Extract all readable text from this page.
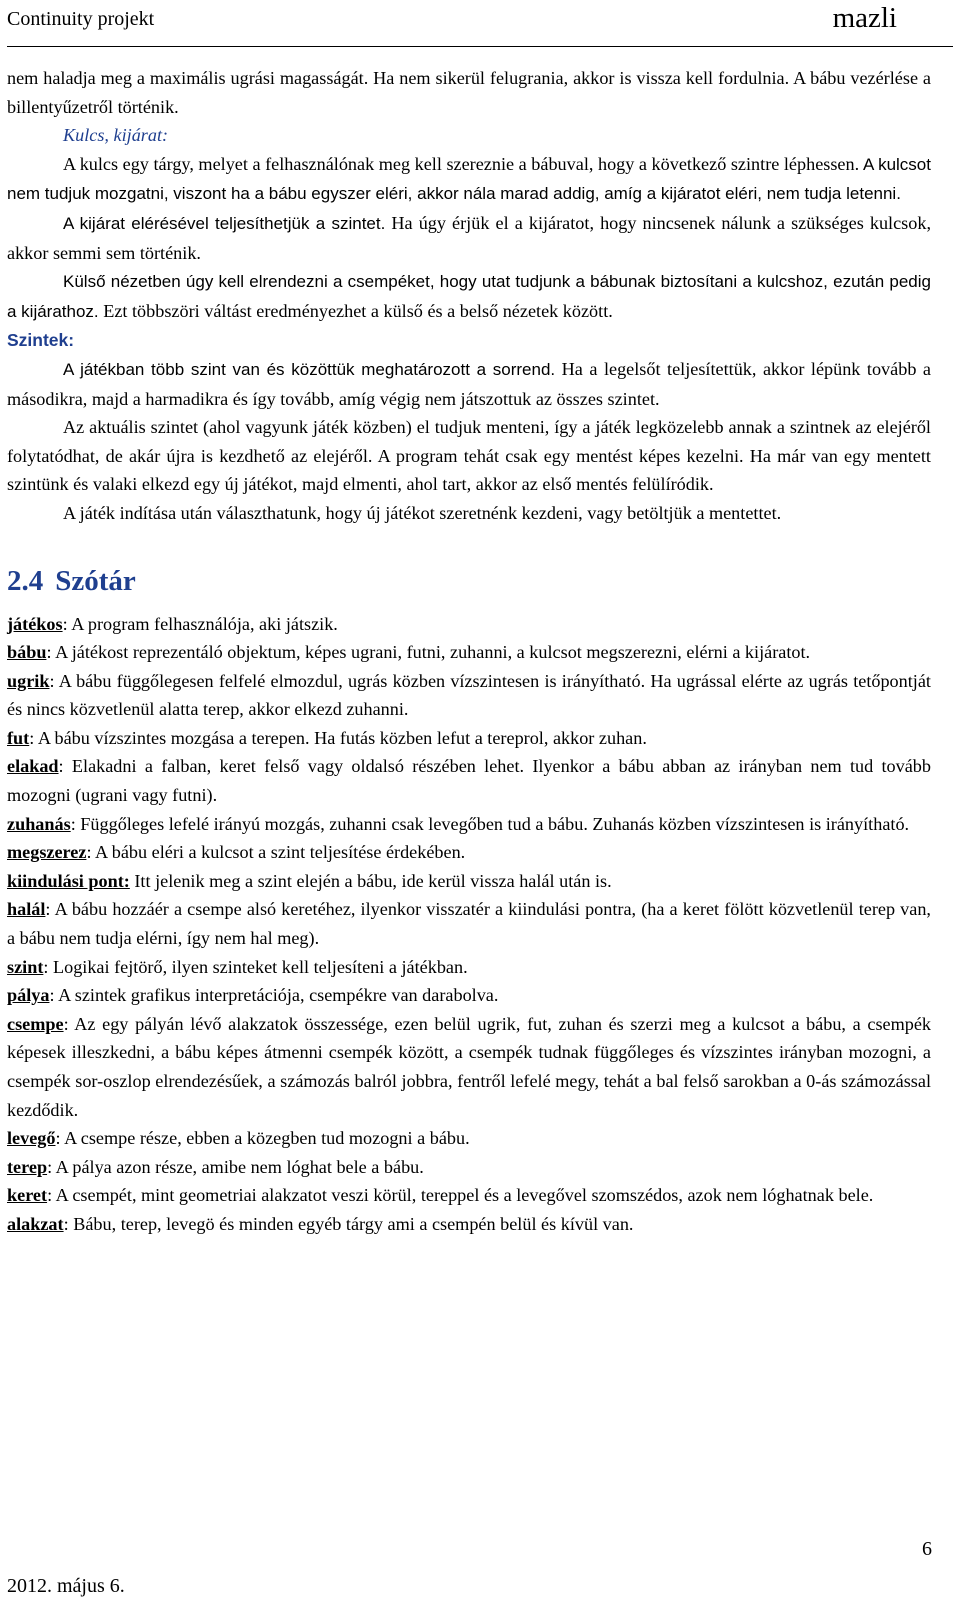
Continuity projekt	mazli

nem haladja meg a maximális ugrási magasságát. Ha nem sikerül felugrania, akkor is vissza kell fordulnia. A bábu vezérlése a billentyűzetről történik.

Kulcs, kijárat:

A kulcs egy tárgy, melyet a felhasználónak meg kell szereznie a bábuval, hogy a következő szintre léphessen. A kulcsot nem tudjuk mozgatni, viszont ha a bábu egyszer eléri, akkor nála marad addig, amíg a kijáratot eléri, nem tudja letenni.

A kijárat elérésével teljesíthetjük a szintet. Ha úgy érjük el a kijáratot, hogy nincsenek nálunk a szükséges kulcsok, akkor semmi sem történik.

Külső nézetben úgy kell elrendezni a csempéket, hogy utat tudjunk a bábunak biztosítani a kulcshoz, ezután pedig a kijárathoz. Ezt többszöri váltást eredményezhet a külső és a belső nézetek között.

Szintek:

A játékban több szint van és közöttük meghatározott a sorrend. Ha a legelsőt teljesítettük, akkor lépünk tovább a másodikra, majd a harmadikra és így tovább, amíg végig nem játszottuk az összes szintet.

Az aktuális szintet (ahol vagyunk játék közben) el tudjuk menteni, így a játék legközelebb annak a szintnek az elejéről folytatódhat, de akár újra is kezdhető az elejéről. A program tehát csak egy mentést képes kezelni. Ha már van egy mentett szintünk és valaki elkezd egy új játékot, majd elmenti, ahol tart, akkor az első mentés felülíródik.

A játék indítása után választhatunk, hogy új játékot szeretnénk kezdeni, vagy betöltjük a mentettet.

2.4 Szótár

játékos: A program felhasználója, aki játszik.

bábu: A játékost reprezentáló objektum, képes ugrani, futni, zuhanni, a kulcsot megszerezni, elérni a kijáratot.

ugrik: A bábu függőlegesen felfelé elmozdul, ugrás közben vízszintesen is irányítható. Ha ugrással elérte az ugrás tetőpontját és nincs közvetlenül alatta terep, akkor elkezd zuhanni.

fut: A bábu vízszintes mozgása a terepen. Ha futás közben lefut a tereprol, akkor zuhan.

elakad: Elakadni a falban, keret felső vagy oldalsó részében lehet. Ilyenkor a bábu abban az irányban nem tud tovább mozogni (ugrani vagy futni).

zuhanás: Függőleges lefelé irányú mozgás, zuhanni csak levegőben tud a bábu. Zuhanás közben vízszintesen is irányítható.

megszerez: A bábu eléri a kulcsot a szint teljesítése érdekében.

kiindulási pont: Itt jelenik meg a szint elején a bábu, ide kerül vissza halál után is.

halál: A bábu hozzáér a csempe alsó keretéhez, ilyenkor visszatér a kiindulási pontra, (ha a keret fölött közvetlenül terep van, a bábu nem tudja elérni, így nem hal meg).

szint: Logikai fejtörő, ilyen szinteket kell teljesíteni a játékban.

pálya: A szintek grafikus interpretációja, csempékre van darabolva.

csempe: Az egy pályán lévő alakzatok összessége, ezen belül ugrik, fut, zuhan és szerzi meg a kulcsot a bábu, a csempék képesek illeszkedni, a bábu képes átmenni csempék között, a csempék tudnak függőleges és vízszintes irányban mozogni, a csempék sor-oszlop elrendezésűek, a számozás balról jobbra, fentről lefelé megy, tehát a bal felső sarokban a 0-ás számozással kezdődik.

levegő: A csempe része, ebben a közegben tud mozogni a bábu.

terep: A pálya azon része, amibe nem lóghat bele a bábu.

keret: A csempét, mint geometriai alakzatot veszi körül, tereppel és a levegővel szomszédos, azok nem lóghatnak bele.

alakzat: Bábu, terep, levegö és minden egyéb tárgy ami a csempén belül és kívül van.

6
2012. május 6.
